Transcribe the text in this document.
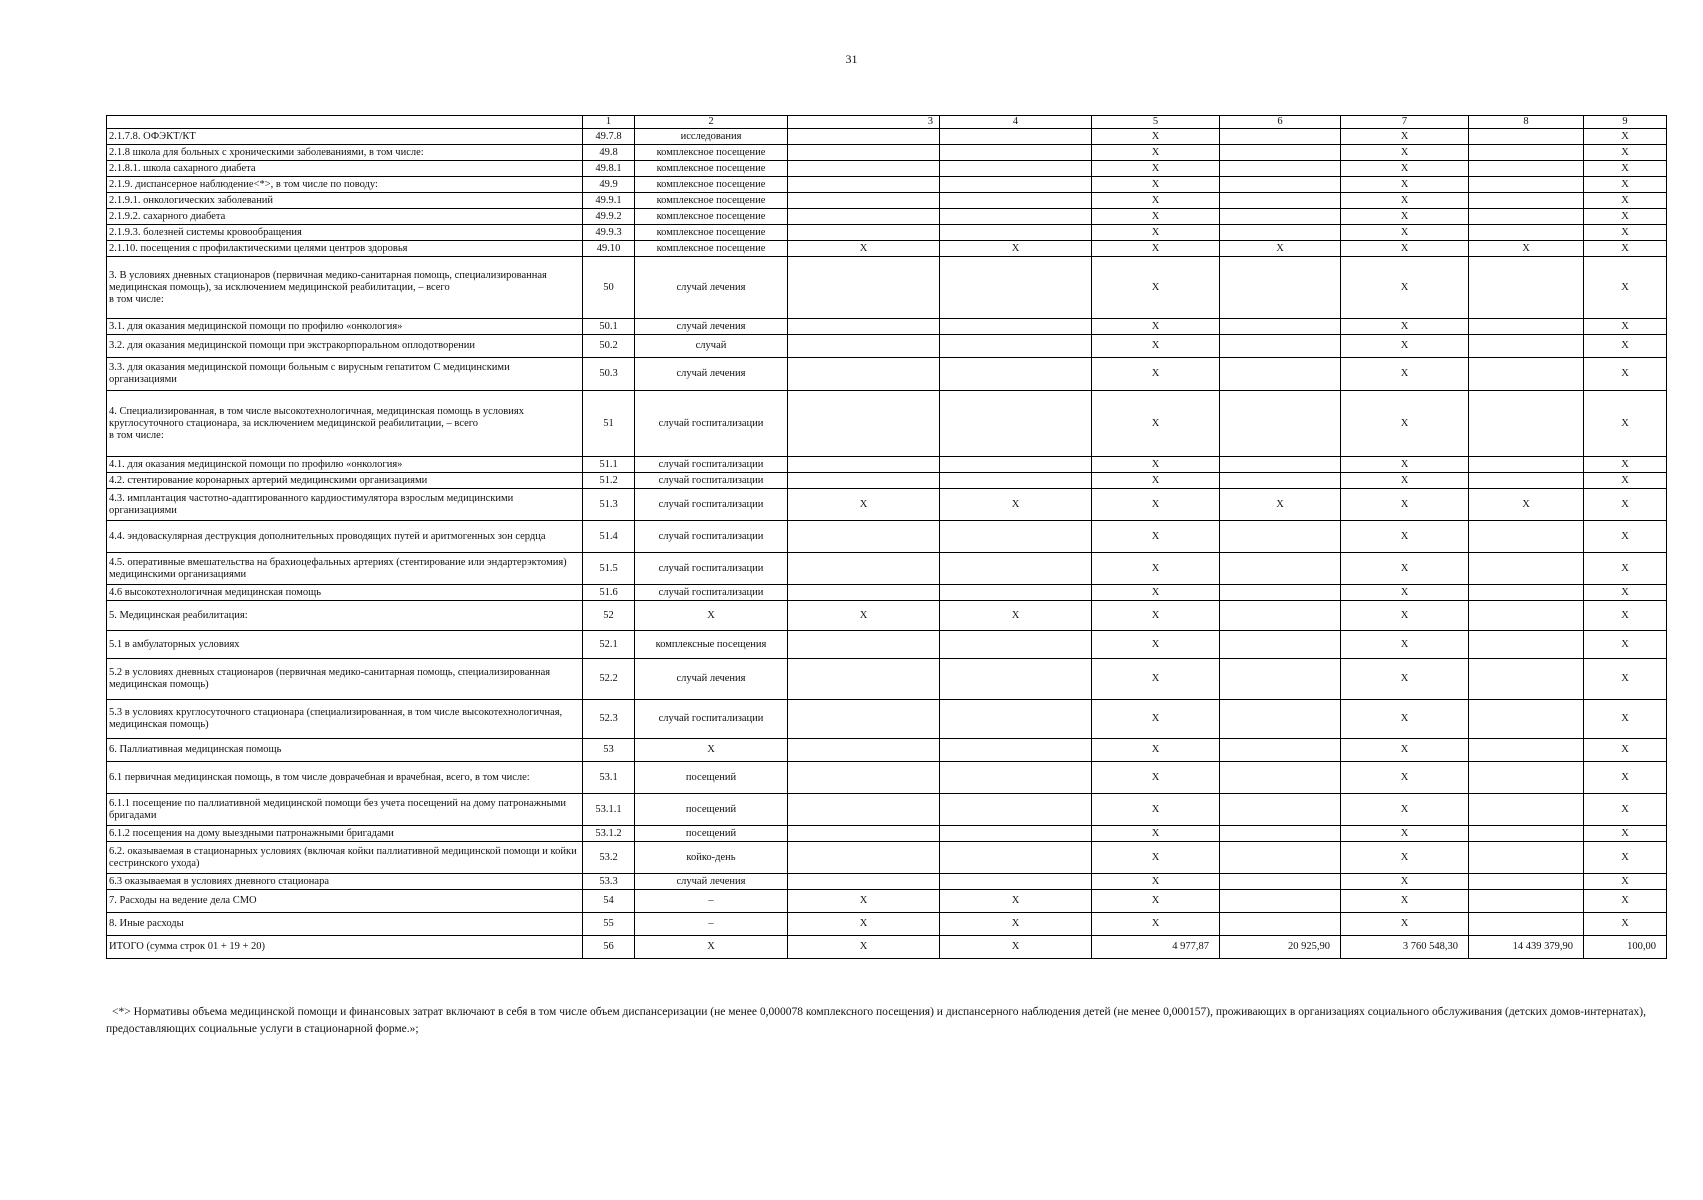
31
	1	2	3	4	5	6	7	8	9
2.1.7.8. ОФЭКТ/КТ	49.7.8	исследования			X		X		X
2.1.8 школа для больных с хроническими заболеваниями, в том числе:	49.8	комплексное посещение			X		X		X
2.1.8.1. школа сахарного диабета	49.8.1	комплексное посещение			X		X		X
2.1.9. диспансерное наблюдение<*>, в том числе по поводу:	49.9	комплексное посещение			X		X		X
2.1.9.1. онкологических заболеваний	49.9.1	комплексное посещение			X		X		X
2.1.9.2. сахарного диабета	49.9.2	комплексное посещение			X		X		X
2.1.9.3. болезней системы кровообращения	49.9.3	комплексное посещение			X		X		X
2.1.10. посещения с профилактическими целями центров здоровья	49.10	комплексное посещение	X	X	X	X	X	X	X
3. В условиях дневных стационаров (первичная медико-санитарная помощь, специализированная медицинская помощь), за исключением медицинской реабилитации, – всего
в том числе:	50	случай лечения			X		X		X
3.1. для оказания медицинской помощи по профилю «онкология»	50.1	случай лечения			X		X		X
3.2. для оказания медицинской помощи при экстракорпоральном оплодотворении	50.2	случай			X		X		X
3.3. для оказания медицинской помощи больным с вирусным гепатитом С медицинскими организациями	50.3	случай лечения			X		X		X
4. Специализированная, в том числе высокотехнологичная, медицинская помощь в условиях круглосуточного стационара, за исключением медицинской реабилитации, – всего
в том числе:	51	случай госпитализации			X		X		X
4.1. для оказания медицинской помощи по профилю «онкология»	51.1	случай госпитализации			X		X		X
4.2. стентирование коронарных артерий медицинскими организациями	51.2	случай госпитализации			X		X		X
4.3. имплантация частотно-адаптированного кардиостимулятора взрослым медицинскими организациями	51.3	случай госпитализации	X	X	X	X	X	X	X
4.4. эндоваскулярная деструкция дополнительных проводящих путей и аритмогенных зон сердца	51.4	случай госпитализации			X		X		X
4.5. оперативные вмешательства на брахиоцефальных артериях (стентирование или эндартерэктомия) медицинскими организациями	51.5	случай госпитализации			X		X		X
4.6 высокотехнологичная медицинская помощь	51.6	случай госпитализации			X		X		X
5. Медицинская реабилитация:	52	X	X	X	X		X		X
5.1 в амбулаторных условиях	52.1	комплексные посещения			X		X		X
5.2 в условиях дневных стационаров (первичная медико-санитарная помощь, специализированная медицинская помощь)	52.2	случай лечения			X		X		X
5.3 в условиях круглосуточного стационара (специализированная, в том числе высокотехнологичная, медицинская помощь)	52.3	случай госпитализации			X		X		X
6. Паллиативная медицинская помощь	53	X			X		X		X
6.1 первичная медицинская помощь, в том числе доврачебная и врачебная, всего, в том числе:	53.1	посещений			X		X		X
6.1.1 посещение по паллиативной медицинской помощи без учета посещений на дому патронажными бригадами	53.1.1	посещений			X		X		X
6.1.2 посещения на дому выездными патронажными бригадами	53.1.2	посещений			X		X		X
6.2. оказываемая в стационарных условиях (включая койки паллиативной медицинской помощи и койки сестринского ухода)	53.2	койко-день			X		X		X
6.3 оказываемая в условиях дневного стационара	53.3	случай лечения			X		X		X
7. Расходы на ведение дела СМО	54	–	X	X	X		X		X
8. Иные расходы	55	–	X	X	X		X		X
ИТОГО (сумма строк 01 + 19 + 20)	56	X	X	X	4 977,87	20 925,90	3 760 548,30	14 439 379,90	100,00
<*> Нормативы объема медицинской помощи и финансовых затрат включают в себя в том числе объем диспансеризации (не менее 0,000078 комплексного посещения) и диспансерного наблюдения детей (не менее 0,000157), проживающих в организациях социального обслуживания (детских домов-интернатах), предоставляющих социальные услуги в стационарной форме.»;
